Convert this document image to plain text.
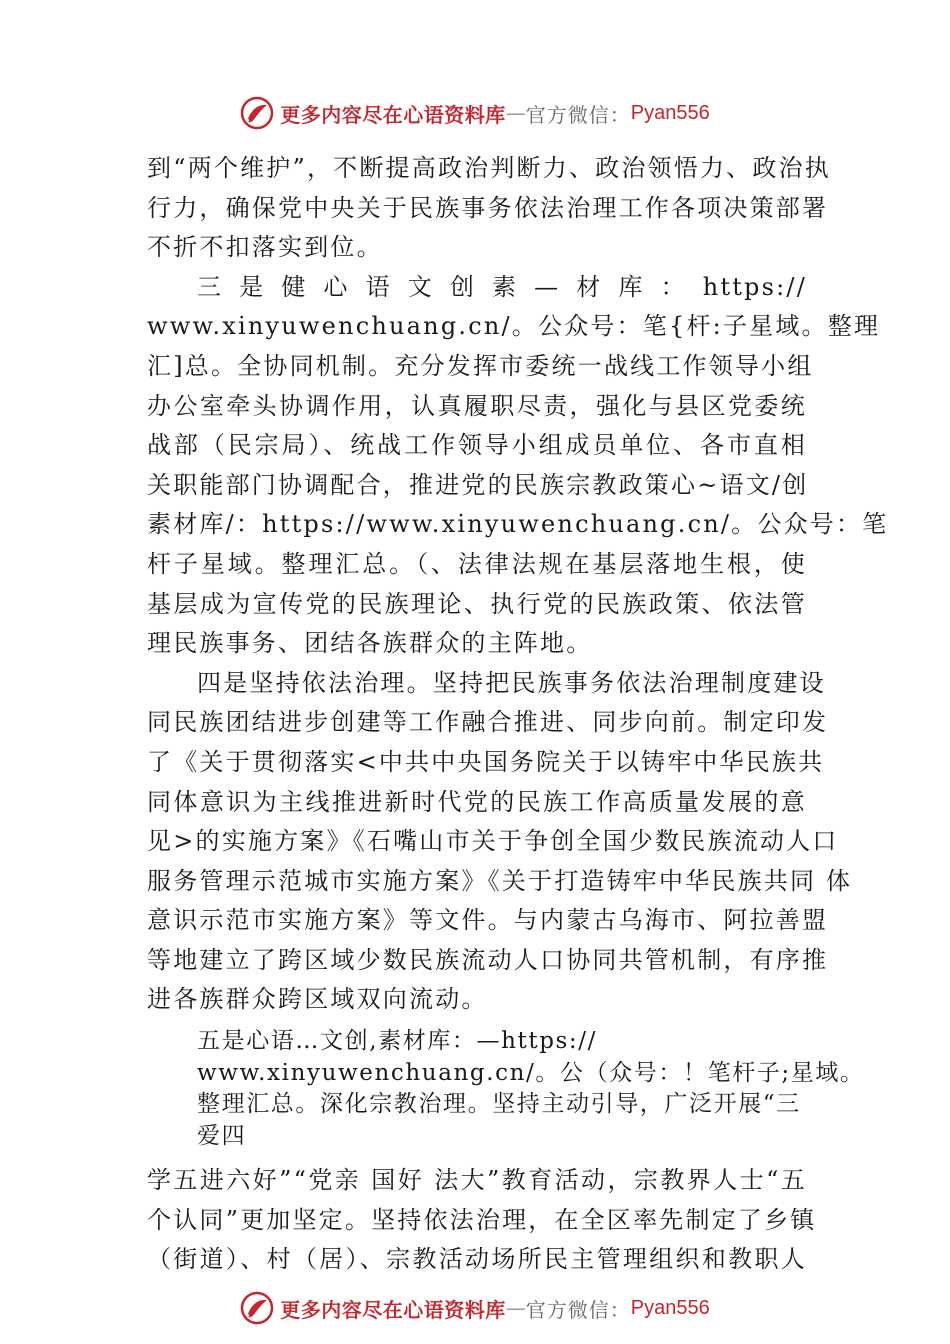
更多内容尽在心语资料库 — 官方微信： Pyan556
到“两个维护”，不断提高政治判断力、政治领悟力、政治执
行力，确保党中央关于民族事务依法治理工作各项决策部署
不折不扣落实到位。
三是健心语文创素—材库：https://
www.xinyuwenchuang.cn/。公众号：笔{杆:子星域。整理
汇]总。全协同机制。充分发挥市委统一战线工作领导小组
办公室牵头协调作用，认真履职尽责，强化与县区党委统
战部（民宗局）、统战工作领导小组成员单位、各市直相
关职能部门协调配合，推进党的民族宗教政策心~语文/创
素材库/：https://www.xinyuwenchuang.cn/。公众号：笔
杆子星域。整理汇总。（、法律法规在基层落地生根，使
基层成为宣传党的民族理论、执行党的民族政策、依法管
理民族事务、团结各族群众的主阵地。
四是坚持依法治理。坚持把民族事务依法治理制度建设
同民族团结进步创建等工作融合推进、同步向前。制定印发
了《关于贯彻落实<中共中央国务院关于以铸牢中华民族共
同体意识为主线推进新时代党的民族工作高质量发展的意
见>的实施方案》《石嘴山市关于争创全国少数民族流动人口
服务管理示范城市实施方案》《关于打造铸牢中华民族共同 体
意识示范市实施方案》等文件。与内蒙古乌海市、阿拉善盟
等地建立了跨区域少数民族流动人口协同共管机制，有序推
进各族群众跨区域双向流动。
五是心语…文创,素材库：—https://
www.xinyuwenchuang.cn/。公（众号：！笔杆子;星域。
整理汇总。深化宗教治理。坚持主动引导，广泛开展“三
爱四
学五进六好”“党亲 国好 法大”教育活动，宗教界人士“五
个认同”更加坚定。坚持依法治理，在全区率先制定了乡镇
（街道）、村（居）、宗教活动场所民主管理组织和教职人
更多内容尽在心语资料库 — 官方微信： Pyan556
